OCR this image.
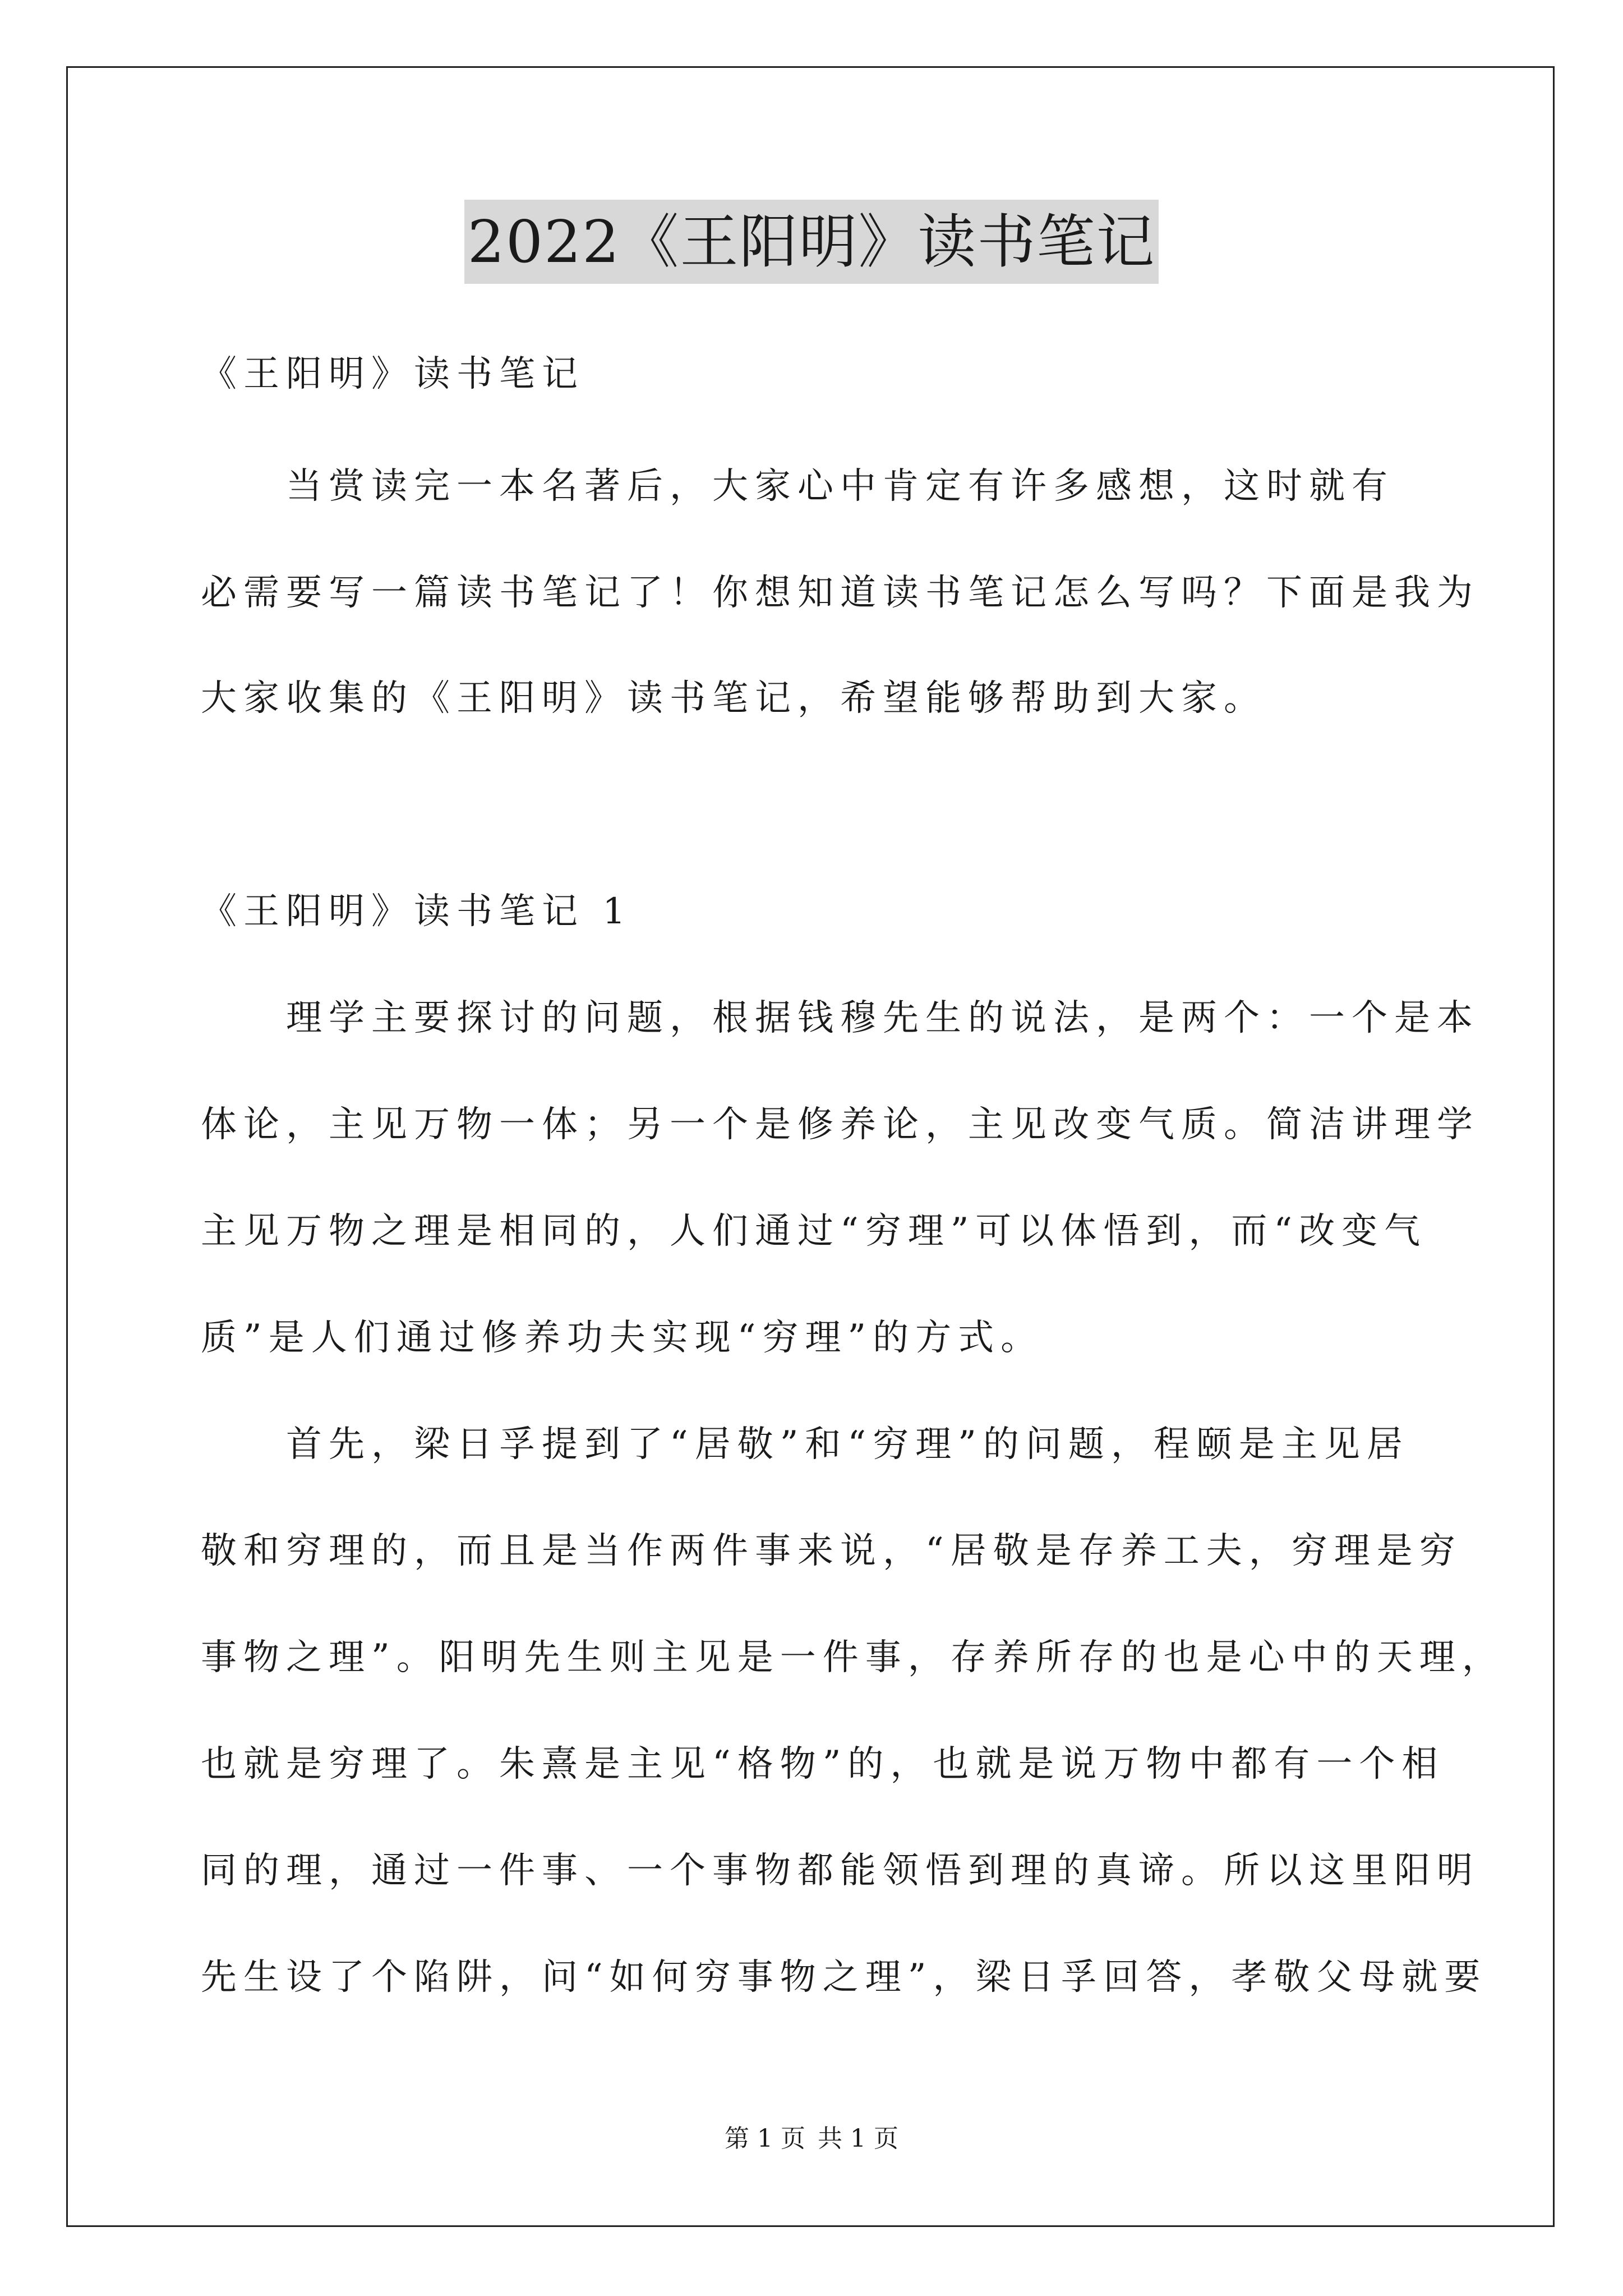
2022《王阳明》读书笔记
《王阳明》读书笔记
　　当赏读完一本名著后，大家心中肯定有许多感想，这时就有
必需要写一篇读书笔记了！你想知道读书笔记怎么写吗？下面是我为
大家收集的《王阳明》读书笔记，希望能够帮助到大家。
《王阳明》读书笔记 1
　　理学主要探讨的问题，根据钱穆先生的说法，是两个：一个是本
体论，主见万物一体；另一个是修养论，主见改变气质。简洁讲理学
主见万物之理是相同的，人们通过“穷理”可以体悟到，而“改变气
质”是人们通过修养功夫实现“穷理”的方式。
　　首先，梁日孚提到了“居敬”和“穷理”的问题，程颐是主见居
敬和穷理的，而且是当作两件事来说，“居敬是存养工夫，穷理是穷
事物之理”。阳明先生则主见是一件事，存养所存的也是心中的天理，
也就是穷理了。朱熹是主见“格物”的，也就是说万物中都有一个相
同的理，通过一件事、一个事物都能领悟到理的真谛。所以这里阳明
先生设了个陷阱，问“如何穷事物之理”，梁日孚回答，孝敬父母就要
第 1 页 共 1 页
